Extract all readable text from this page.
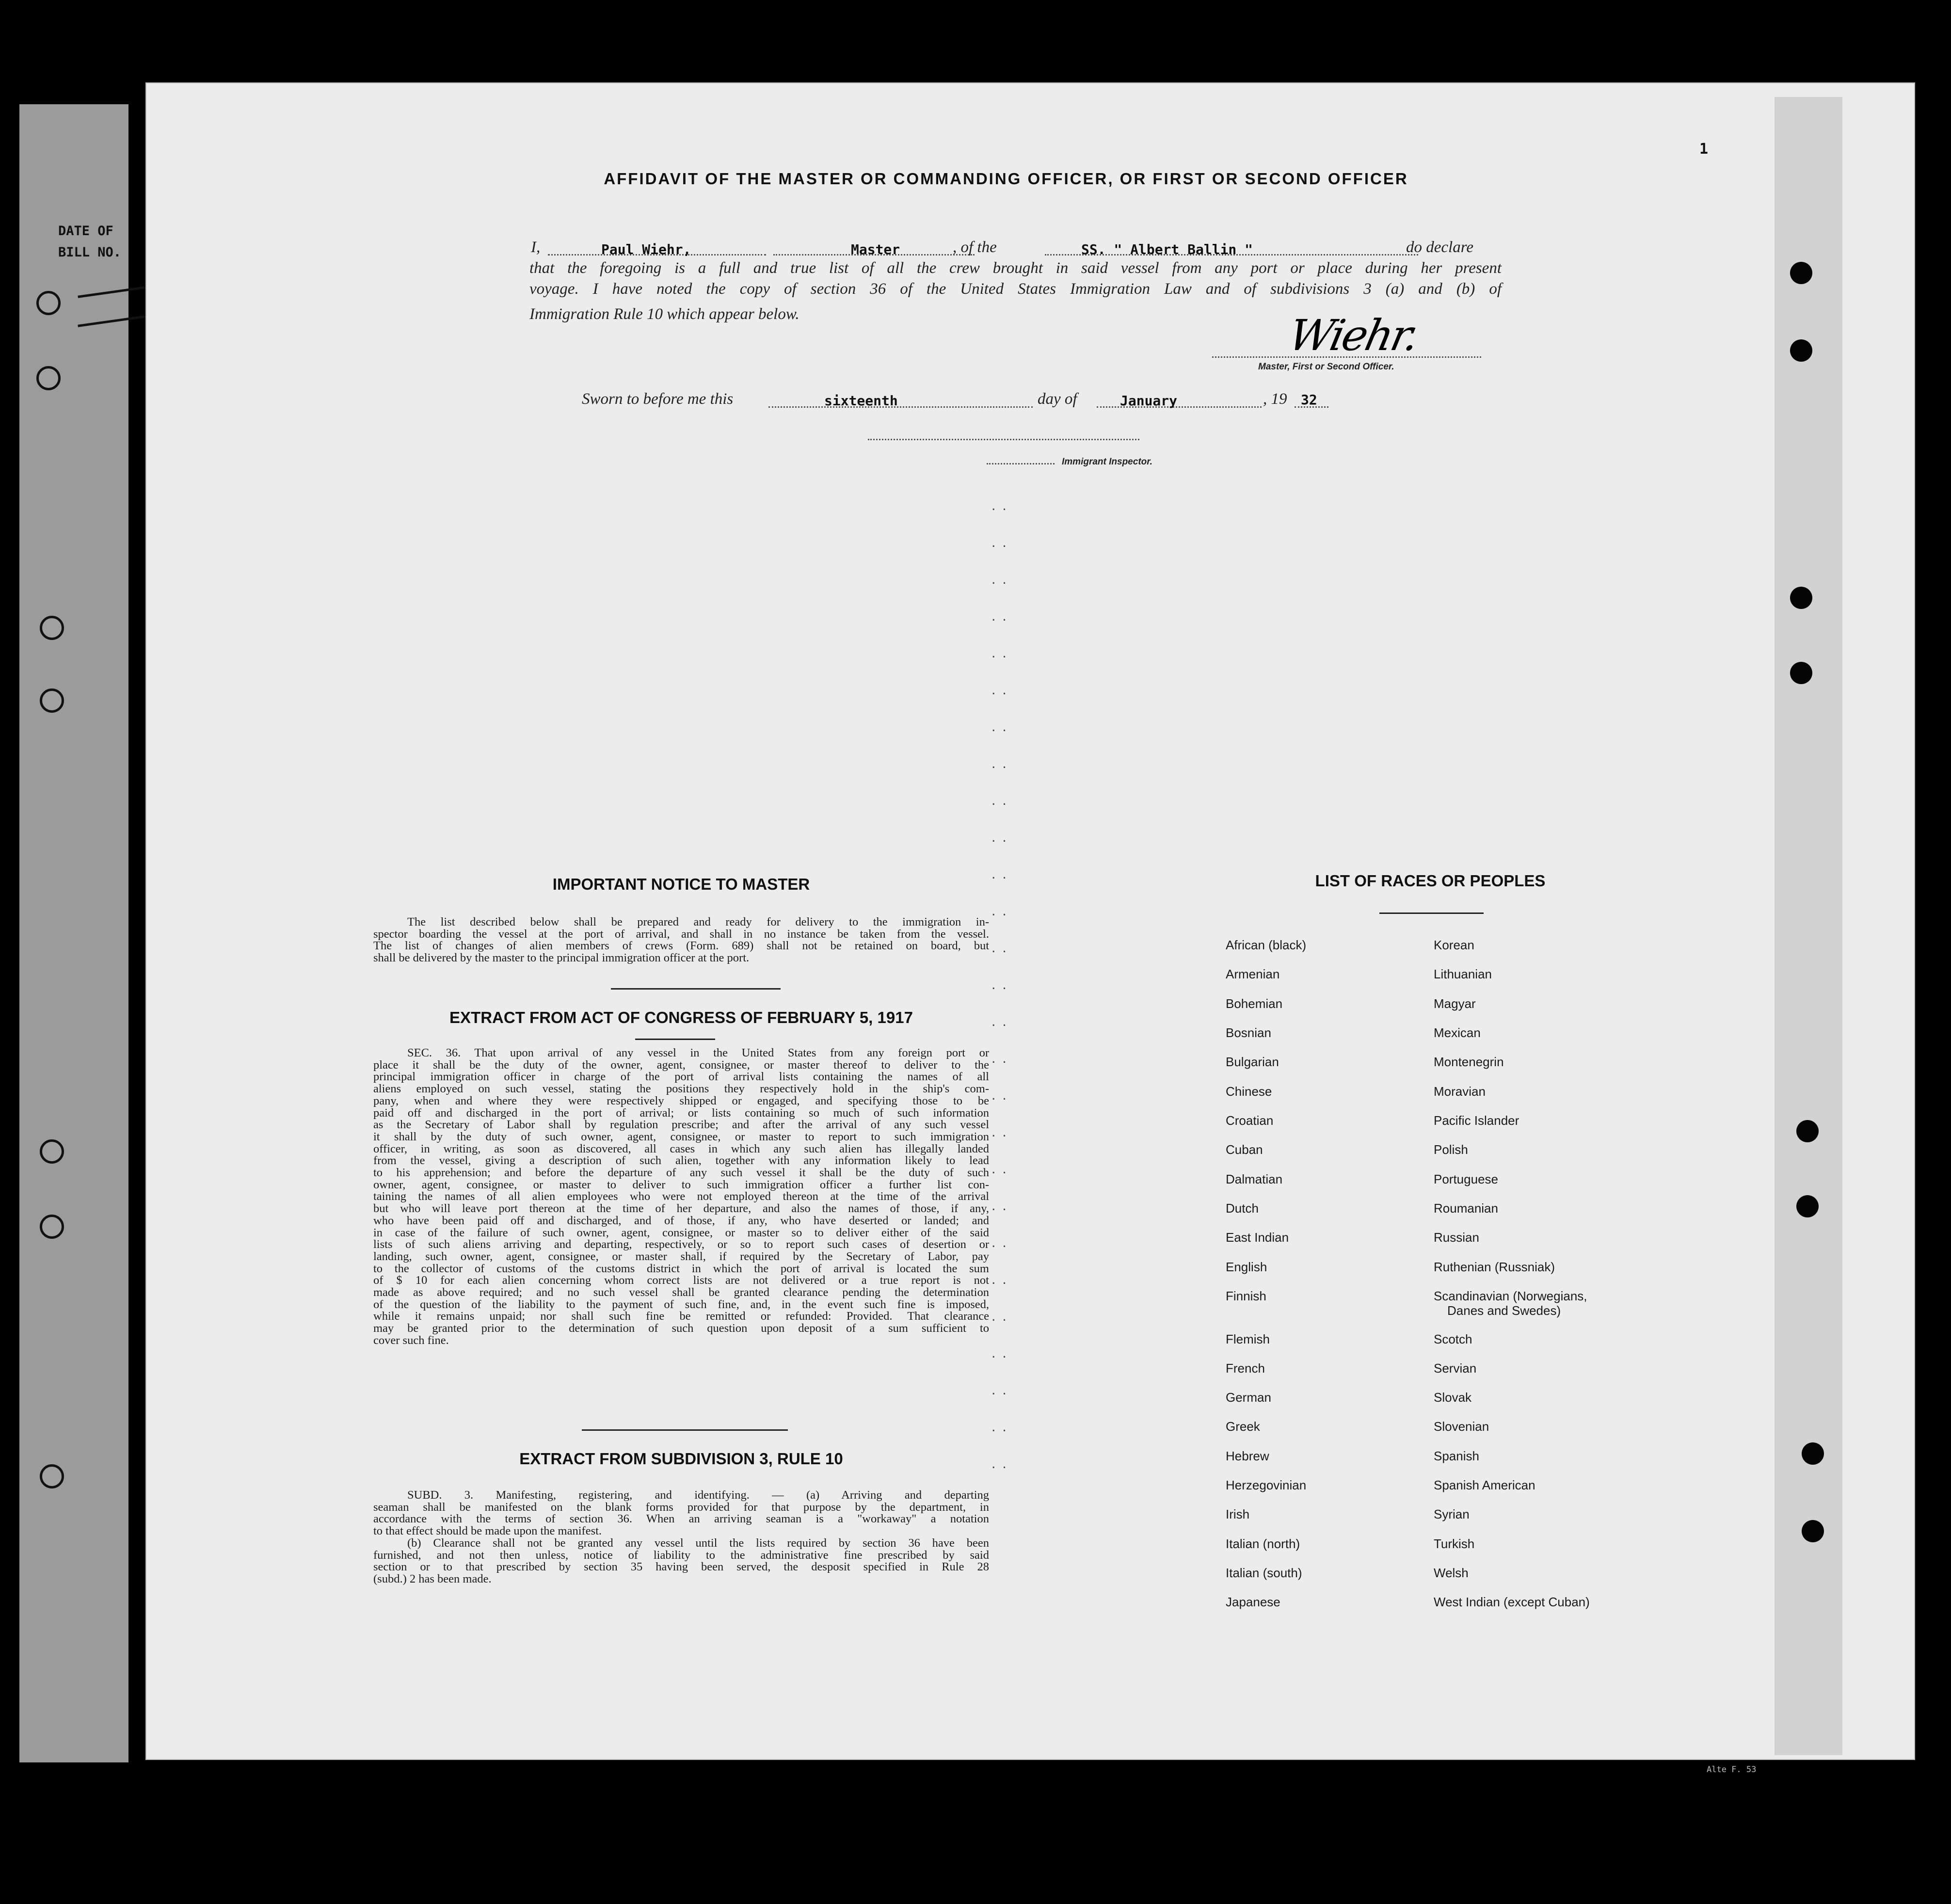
DATE OF
BILL NO.
1
AFFIDAVIT OF THE MASTER OR COMMANDING OFFICER, OR FIRST OR SECOND OFFICER
I,	Paul Wiehr,	Master	, of the	SS. " Albert Ballin "	do declare
that the foregoing is a full and true list of all the crew brought in said vessel from any port or place during her present
voyage. I have noted the copy of section 36 of the United States Immigration Law and of subdivisions 3 (a) and (b) of
Immigration Rule 10 which appear below.	Wiehr.
Master, First or Second Officer.
Sworn to before me this	sixteenth	day of	January	, 19 32
Immigrant Inspector.
..
..
..
..
..
..
..
..
..
..
..
..
..
..
..
..
..
..
..
..
..
..
..
..
..
..
..
IMPORTANT NOTICE TO MASTER
The list described below shall be prepared and ready for delivery to the immigration in-
spector boarding the vessel at the port of arrival, and shall in no instance be taken from the vessel.
The list of changes of alien members of crews (Form. 689) shall not be retained on board, but
shall be delivered by the master to the principal immigration officer at the port.
EXTRACT FROM ACT OF CONGRESS OF FEBRUARY 5, 1917
SEC. 36. That upon arrival of any vessel in the United States from any foreign port or
place it shall be the duty of the owner, agent, consignee, or master thereof to deliver to the
principal immigration officer in charge of the port of arrival lists containing the names of all
aliens employed on such vessel, stating the positions they respectively hold in the ship's com-
pany, when and where they were respectively shipped or engaged, and specifying those to be
paid off and discharged in the port of arrival; or lists containing so much of such information
as the Secretary of Labor shall by regulation prescribe; and after the arrival of any such vessel
it shall by the duty of such owner, agent, consignee, or master to report to such immigration
officer, in writing, as soon as discovered, all cases in which any such alien has illegally landed
from the vessel, giving a description of such alien, together with any information likely to lead
to his apprehension; and before the departure of any such vessel it shall be the duty of such
owner, agent, consignee, or master to deliver to such immigration officer a further list con-
taining the names of all alien employees who were not employed thereon at the time of the arrival
but who will leave port thereon at the time of her departure, and also the names of those, if any,
who have been paid off and discharged, and of those, if any, who have deserted or landed; and
in case of the failure of such owner, agent, consignee, or master so to deliver either of the said
lists of such aliens arriving and departing, respectively, or so to report such cases of desertion or
landing, such owner, agent, consignee, or master shall, if required by the Secretary of Labor, pay
to the collector of customs of the customs district in which the port of arrival is located the sum
of $ 10 for each alien concerning whom correct lists are not delivered or a true report is not
made as above required; and no such vessel shall be granted clearance pending the determination
of the question of the liability to the payment of such fine, and, in the event such fine is imposed,
while it remains unpaid; nor shall such fine be remitted or refunded: Provided. That clearance
may be granted prior to the determination of such question upon deposit of a sum sufficient to
cover such fine.
EXTRACT FROM SUBDIVISION 3, RULE 10
SUBD. 3. Manifesting, registering, and identifying. — (a) Arriving and departing
seaman shall be manifested on the blank forms provided for that purpose by the department, in
accordance with the terms of section 36. When an arriving seaman is a "workaway" a notation
to that effect should be made upon the manifest.
(b) Clearance shall not be granted any vessel until the lists required by section 36 have been
furnished, and not then unless, notice of liability to the administrative fine prescribed by said
section or to that prescribed by section 35 having been served, the desposit specified in Rule 28
(subd.) 2 has been made.
LIST OF RACES OR PEOPLES
African (black)
Armenian
Bohemian
Bosnian
Bulgarian
Chinese
Croatian
Cuban
Dalmatian
Dutch
East Indian
English
Finnish
Flemish
French
German
Greek
Hebrew
Herzegovinian
Irish
Italian (north)
Italian (south)
Japanese
Korean
Lithuanian
Magyar
Mexican
Montenegrin
Moravian
Pacific Islander
Polish
Portuguese
Roumanian
Russian
Ruthenian (Russniak)
Scandinavian (Norwegians,
Danes and Swedes)
Scotch
Servian
Slovak
Slovenian
Spanish
Spanish American
Syrian
Turkish
Welsh
West Indian (except Cuban)
Alte F. 53
